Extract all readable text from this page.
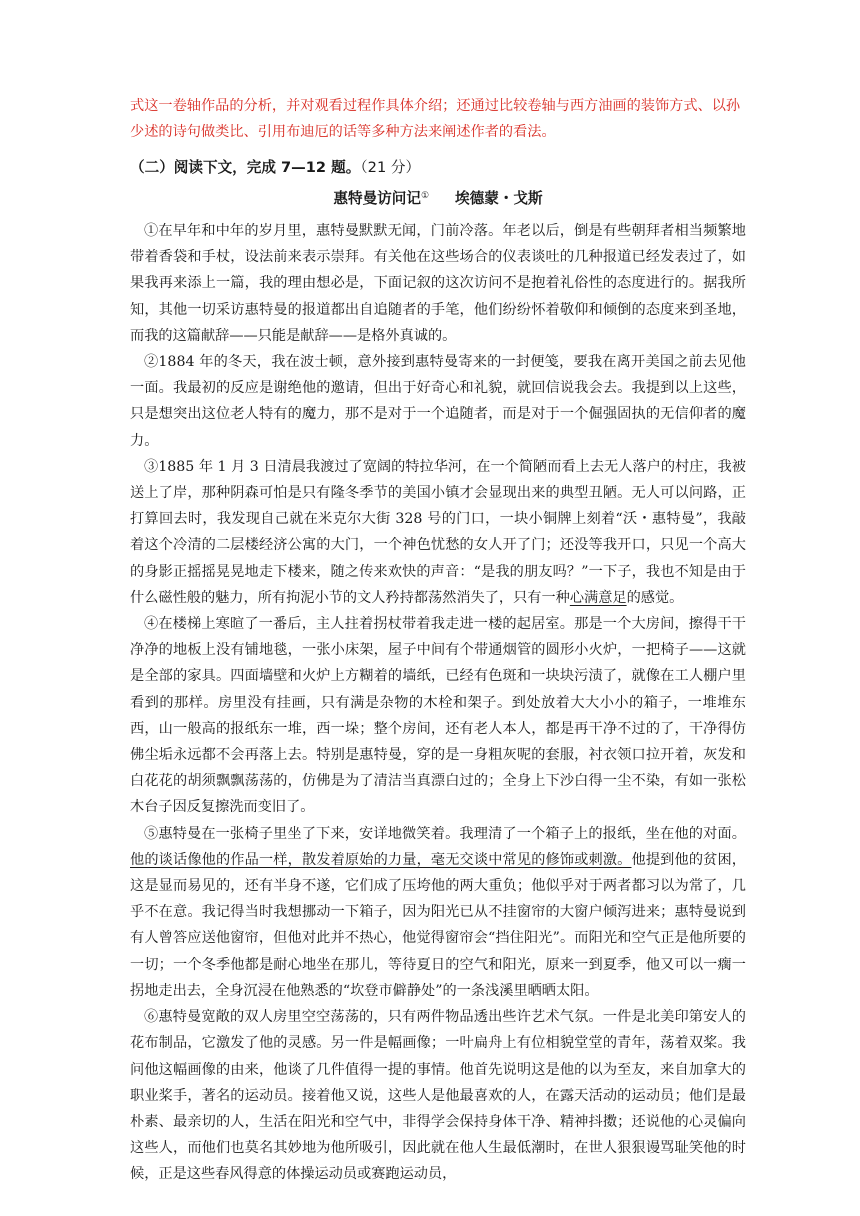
式这一卷轴作品的分析，并对观看过程作具体介绍；还通过比较卷轴与西方油画的装饰方式、以孙少述的诗句做类比、引用布迪厄的话等多种方法来阐述作者的看法。

（二）阅读下文，完成 7—12 题。（21 分）
惠特曼访问记① 埃德蒙・戈斯

①在早年和中年的岁月里，惠特曼默默无闻，门前冷落。年老以后，倒是有些朝拜者相当频繁地带着香袋和手杖，设法前来表示崇拜。有关他在这些场合的仪表谈吐的几种报道已经发表过了，如果我再来添上一篇，我的理由想必是，下面记叙的这次访问不是抱着礼俗性的态度进行的。据我所知，其他一切采访惠特曼的报道都出自追随者的手笔，他们纷纷怀着敬仰和倾倒的态度来到圣地，而我的这篇献辞——只能是献辞——是格外真诚的。

②1884 年的冬天，我在波士顿，意外接到惠特曼寄来的一封便笺，要我在离开美国之前去见他一面。我最初的反应是谢绝他的邀请，但出于好奇心和礼貌，就回信说我会去。我提到以上这些，只是想突出这位老人特有的魔力，那不是对于一个追随者，而是对于一个倔强固执的无信仰者的魔力。

③1885 年 1 月 3 日清晨我渡过了宽阔的特拉华河，在一个简陋而看上去无人落户的村庄，我被送上了岸，那种阴森可怕是只有隆冬季节的美国小镇才会显现出来的典型丑陋。无人可以问路，正打算回去时，我发现自己就在米克尔大街 328 号的门口，一块小铜牌上刻着“沃・惠特曼”，我敲着这个冷清的二层楼经济公寓的大门，一个神色忧愁的女人开了门；还没等我开口，只见一个高大的身影正摇摇晃晃地走下楼来，随之传来欢快的声音：“是我的朋友吗？”一下子，我也不知是由于什么磁性般的魅力，所有拘泥小节的文人矜持都荡然消失了，只有一种心满意足的感觉。

④在楼梯上寒暄了一番后，主人拄着拐杖带着我走进一楼的起居室。那是一个大房间，擦得干干净净的地板上没有铺地毯，一张小床架，屋子中间有个带通烟管的圆形小火炉，一把椅子——这就是全部的家具。四面墙壁和火炉上方糊着的墙纸，已经有色斑和一块块污渍了，就像在工人棚户里看到的那样。房里没有挂画，只有满是杂物的木栓和架子。到处放着大大小小的箱子，一堆堆东西，山一般高的报纸东一堆，西一垛；整个房间，还有老人本人，都是再干净不过的了，干净得仿佛尘垢永远都不会再落上去。特别是惠特曼，穿的是一身粗灰呢的套服，衬衣领口拉开着，灰发和白花花的胡须飘飘荡荡的，仿佛是为了清洁当真漂白过的；全身上下沙白得一尘不染，有如一张松木台子因反复擦洗而变旧了。

⑤惠特曼在一张椅子里坐了下来，安详地微笑着。我理清了一个箱子上的报纸，坐在他的对面。他的谈话像他的作品一样，散发着原始的力量，毫无交谈中常见的修饰或刺激。他提到他的贫困，这是显而易见的，还有半身不遂，它们成了压垮他的两大重负；他似乎对于两者都习以为常了，几乎不在意。我记得当时我想挪动一下箱子，因为阳光已从不挂窗帘的大窗户倾泻进来；惠特曼说到有人曾答应送他窗帘，但他对此并不热心，他觉得窗帘会“挡住阳光”。而阳光和空气正是他所要的一切；一个冬季他都是耐心地坐在那儿，等待夏日的空气和阳光，原来一到夏季，他又可以一瘸一拐地走出去，全身沉浸在他熟悉的“坎登市僻静处”的一条浅溪里晒晒太阳。

⑥惠特曼宽敞的双人房里空空荡荡的，只有两件物品透出些许艺术气氛。一件是北美印第安人的花布制品，它激发了他的灵感。另一件是幅画像；一叶扁舟上有位相貌堂堂的青年，荡着双桨。我问他这幅画像的由来，他谈了几件值得一提的事情。他首先说明这是他的以为至友，来自加拿大的职业桨手，著名的运动员。接着他又说，这些人是他最喜欢的人，在露天活动的运动员；他们是最朴素、最亲切的人，生活在阳光和空气中，非得学会保持身体干净、精神抖擞；还说他的心灵偏向这些人，而他们也莫名其妙地为他所吸引，因此就在他人生最低潮时，在世人狠狠谩骂耻笑他的时候，正是这些春风得意的体操运动员或赛跑运动员，
